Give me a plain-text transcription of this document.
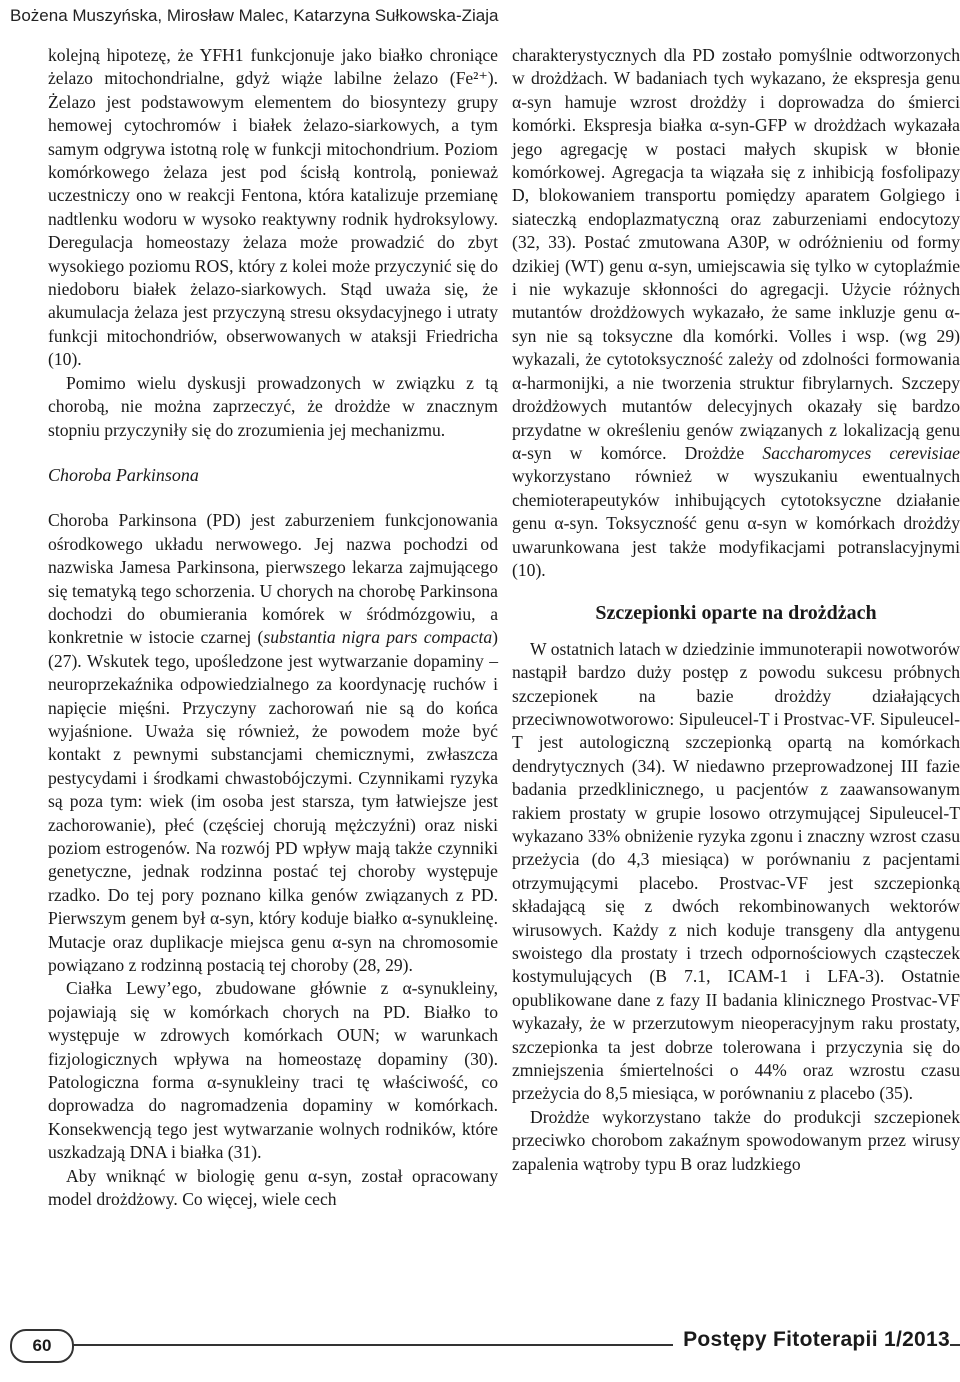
Bożena Muszyńska, Mirosław Malec, Katarzyna Sułkowska-Ziaja

kolejną hipotezę, że YFH1 funkcjonuje jako białko chroniące żelazo mitochondrialne, gdyż wiąże labilne żelazo (Fe²⁺). Żelazo jest podstawowym elementem do biosyntezy grupy hemowej cytochromów i białek żelazo-siarkowych, a tym samym odgrywa istotną rolę w funkcji mitochondrium. Poziom komórkowego żelaza jest pod ścisłą kontrolą, ponieważ uczestniczy ono w reakcji Fentona, która katalizuje przemianę nadtlenku wodoru w wysoko reaktywny rodnik hydroksylowy. Deregulacja homeostazy żelaza może prowadzić do zbyt wysokiego poziomu ROS, który z kolei może przyczynić się do niedoboru białek żelazo-siarkowych. Stąd uważa się, że akumulacja żelaza jest przyczyną stresu oksydacyjnego i utraty funkcji mitochondriów, obserwowanych w ataksji Friedricha (10).

Pomimo wielu dyskusji prowadzonych w związku z tą chorobą, nie można zaprzeczyć, że drożdże w znacznym stopniu przyczyniły się do zrozumienia jej mechanizmu.

Choroba Parkinsona

Choroba Parkinsona (PD) jest zaburzeniem funkcjonowania ośrodkowego układu nerwowego. Jej nazwa pochodzi od nazwiska Jamesa Parkinsona, pierwszego lekarza zajmującego się tematyką tego schorzenia. U chorych na chorobę Parkinsona dochodzi do obumierania komórek w śródmózgowiu, a konkretnie w istocie czarnej (substantia nigra pars compacta) (27). Wskutek tego, upośledzone jest wytwarzanie dopaminy – neuroprzekaźnika odpowiedzialnego za koordynację ruchów i napięcie mięśni. Przyczyny zachorowań nie są do końca wyjaśnione. Uważa się również, że powodem może być kontakt z pewnymi substancjami chemicznymi, zwłaszcza pestycydami i środkami chwastobójczymi. Czynnikami ryzyka są poza tym: wiek (im osoba jest starsza, tym łatwiejsze jest zachorowanie), płeć (częściej chorują mężczyźni) oraz niski poziom estrogenów. Na rozwój PD wpływ mają także czynniki genetyczne, jednak rodzinna postać tej choroby występuje rzadko. Do tej pory poznano kilka genów związanych z PD. Pierwszym genem był α-syn, który koduje białko α-synukleinę. Mutacje oraz duplikacje miejsca genu α-syn na chromosomie powiązano z rodzinną postacią tej choroby (28, 29).

Ciałka Lewy’ego, zbudowane głównie z α-synukleiny, pojawiają się w komórkach chorych na PD. Białko to występuje w zdrowych komórkach OUN; w warunkach fizjologicznych wpływa na homeostazę dopaminy (30). Patologiczna forma α-synukleiny traci tę właściwość, co doprowadza do nagromadzenia dopaminy w komórkach. Konsekwencją tego jest wytwarzanie wolnych rodników, które uszkadzają DNA i białka (31).

Aby wniknąć w biologię genu α-syn, został opracowany model drożdżowy. Co więcej, wiele cech

charakterystycznych dla PD zostało pomyślnie odtworzonych w drożdżach. W badaniach tych wykazano, że ekspresja genu α-syn hamuje wzrost drożdży i doprowadza do śmierci komórki. Ekspresja białka α-syn-GFP w drożdżach wykazała jego agregację w postaci małych skupisk w błonie komórkowej. Agregacja ta wiązała się z inhibicją fosfolipazy D, blokowaniem transportu pomiędzy aparatem Golgiego i siateczką endoplazmatyczną oraz zaburzeniami endocytozy (32, 33). Postać zmutowana A30P, w odróżnieniu od formy dzikiej (WT) genu α-syn, umiejscawia się tylko w cytoplaźmie i nie wykazuje skłonności do agregacji. Użycie różnych mutantów drożdżowych wykazało, że same inkluzje genu α-syn nie są toksyczne dla komórki. Volles i wsp. (wg 29) wykazali, że cytotoksyczność zależy od zdolności formowania α-harmonijki, a nie tworzenia struktur fibrylarnych. Szczepy drożdżowych mutantów delecyjnych okazały się bardzo przydatne w określeniu genów związanych z lokalizacją genu α-syn w komórce. Drożdże Saccharomyces cerevisiae wykorzystano również w wyszukaniu ewentualnych chemioterapeutyków inhibujących cytotoksyczne działanie genu α-syn. Toksyczność genu α-syn w komórkach drożdży uwarunkowana jest także modyfikacjami potranslacyjnymi (10).

Szczepionki oparte na drożdżach

W ostatnich latach w dziedzinie immunoterapii nowotworów nastąpił bardzo duży postęp z powodu sukcesu próbnych szczepionek na bazie drożdży działających przeciwnowotworowo: Sipuleucel-T i Prostvac-VF. Sipuleucel-T jest autologiczną szczepionką opartą na komórkach dendrytycznych (34). W niedawno przeprowadzonej III fazie badania przedklinicznego, u pacjentów z zaawansowanym rakiem prostaty w grupie losowo otrzymującej Sipuleucel-T wykazano 33% obniżenie ryzyka zgonu i znaczny wzrost czasu przeżycia (do 4,3 miesiąca) w porównaniu z pacjentami otrzymującymi placebo. Prostvac-VF jest szczepionką składającą się z dwóch rekombinowanych wektorów wirusowych. Każdy z nich koduje transgeny dla antygenu swoistego dla prostaty i trzech odpornościowych cząsteczek kostymulujących (B 7.1, ICAM-1 i LFA-3). Ostatnie opublikowane dane z fazy II badania klinicznego Prostvac-VF wykazały, że w przerzutowym nieoperacyjnym raku prostaty, szczepionka ta jest dobrze tolerowana i przyczynia się do zmniejszenia śmiertelności o 44% oraz wzrostu czasu przeżycia do 8,5 miesiąca, w porównaniu z placebo (35).

Drożdże wykorzystano także do produkcji szczepionek przeciwko chorobom zakaźnym spowodowanym przez wirusy zapalenia wątroby typu B oraz ludzkiego

60	Postępy Fitoterapii 1/2013
